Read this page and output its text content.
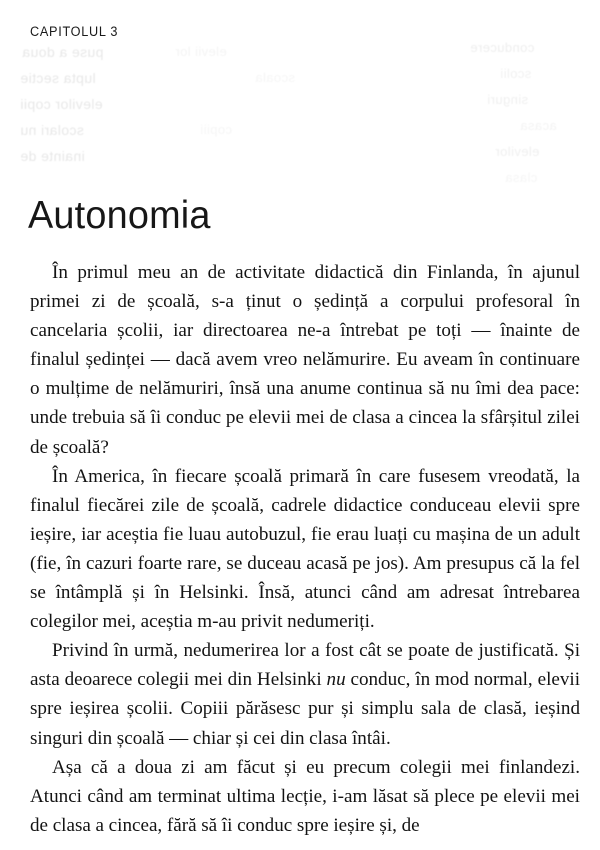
puse a doua
lupta sectie
elevilor copii
scolari nu
inainte de
elevii lor
scoala
copiii
conducere
scolii
singuri
acasa
elevilor
clasa
CAPITOLUL 3
Autonomia

În primul meu an de activitate didactică din Finlanda, în ajunul primei zi de școală, s-a ținut o ședință a corpului profesoral în cancelaria școlii, iar directoarea ne-a întrebat pe toți — înainte de finalul ședinței — dacă avem vreo nelămurire. Eu aveam în continuare o mulțime de nelămuriri, însă una anume continua să nu îmi dea pace: unde trebuia să îi conduc pe elevii mei de clasa a cincea la sfârșitul zilei de școală?

În America, în fiecare școală primară în care fusesem vreodată, la finalul fiecărei zile de școală, cadrele didactice conduceau elevii spre ieșire, iar aceștia fie luau autobuzul, fie erau luați cu mașina de un adult (fie, în cazuri foarte rare, se duceau acasă pe jos). Am presupus că la fel se întâmplă și în Helsinki. Însă, atunci când am adresat întrebarea colegilor mei, aceștia m-au privit nedumeriți.

Privind în urmă, nedumerirea lor a fost cât se poate de justificată. Și asta deoarece colegii mei din Helsinki nu conduc, în mod normal, elevii spre ieșirea școlii. Copiii părăsesc pur și simplu sala de clasă, ieșind singuri din școală — chiar și cei din clasa întâi.

Așa că a doua zi am făcut și eu precum colegii mei finlandezi. Atunci când am terminat ultima lecție, i-am lăsat să plece pe elevii mei de clasa a cincea, fără să îi conduc spre ieșire și, de
